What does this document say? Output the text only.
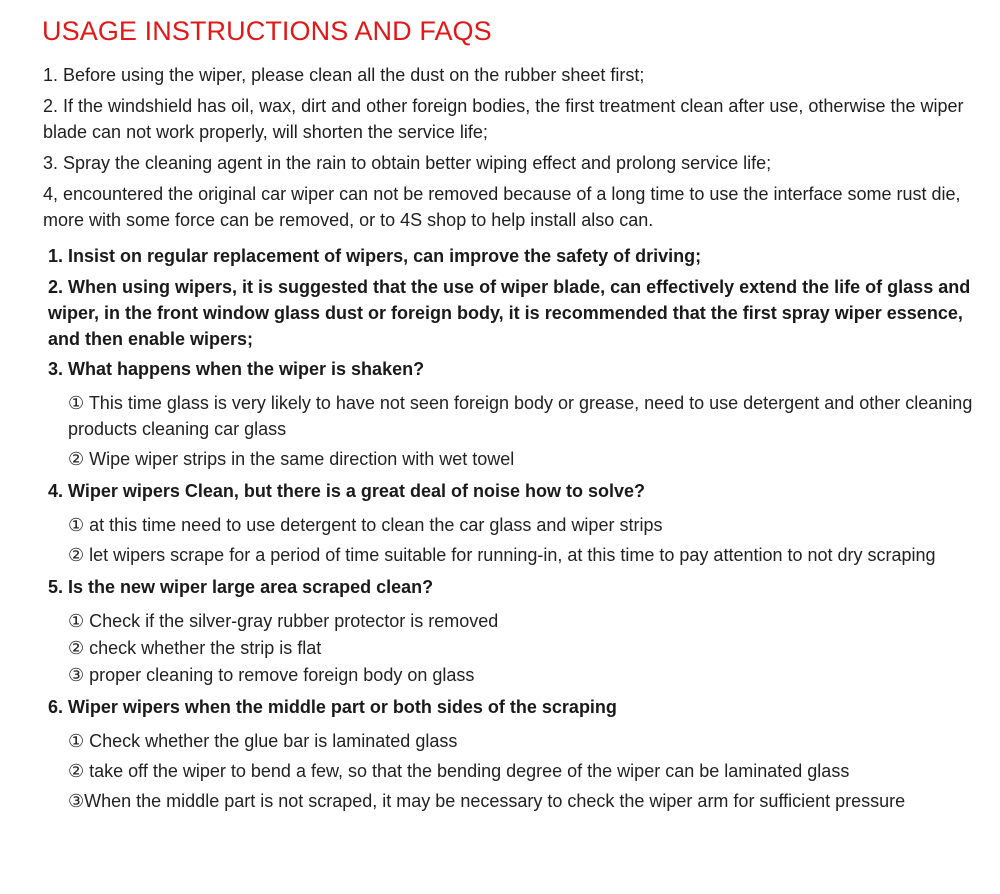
USAGE INSTRUCTIONS AND FAQS
1. Before using the wiper, please clean all the dust on the rubber sheet first;
2. If the windshield has oil, wax, dirt and other foreign bodies, the first treatment clean after use, otherwise the wiper blade can not work properly, will shorten the service life;
3. Spray the cleaning agent in the rain to obtain better wiping effect and prolong service life;
4, encountered the original car wiper can not be removed because of a long time to use the interface some rust die, more with some force can be removed, or to 4S shop to help install also can.
1. Insist on regular replacement of wipers, can improve the safety of driving;
2. When using wipers, it is suggested that the use of wiper blade, can effectively extend the life of glass and wiper, in the front window glass dust or foreign body, it is recommended that the first spray wiper essence, and then enable wipers;
3. What happens when the wiper is shaken?
① This time glass is very likely to have not seen foreign body or grease, need to use detergent and other cleaning products cleaning car glass
② Wipe wiper strips in the same direction with wet towel
4. Wiper wipers Clean, but there is a great deal of noise how to solve?
① at this time need to use detergent to clean the car glass and wiper strips
② let wipers scrape for a period of time suitable for running-in, at this time to pay attention to not dry scraping
5. Is the new wiper large area scraped clean?
① Check if the silver-gray rubber protector is removed
② check whether the strip is flat
③ proper cleaning to remove foreign body on glass
6. Wiper wipers when the middle part or both sides of the scraping
① Check whether the glue bar is laminated glass
② take off the wiper to bend a few, so that the bending degree of the wiper can be laminated glass
③When the middle part is not scraped, it may be necessary to check the wiper arm for sufficient pressure
